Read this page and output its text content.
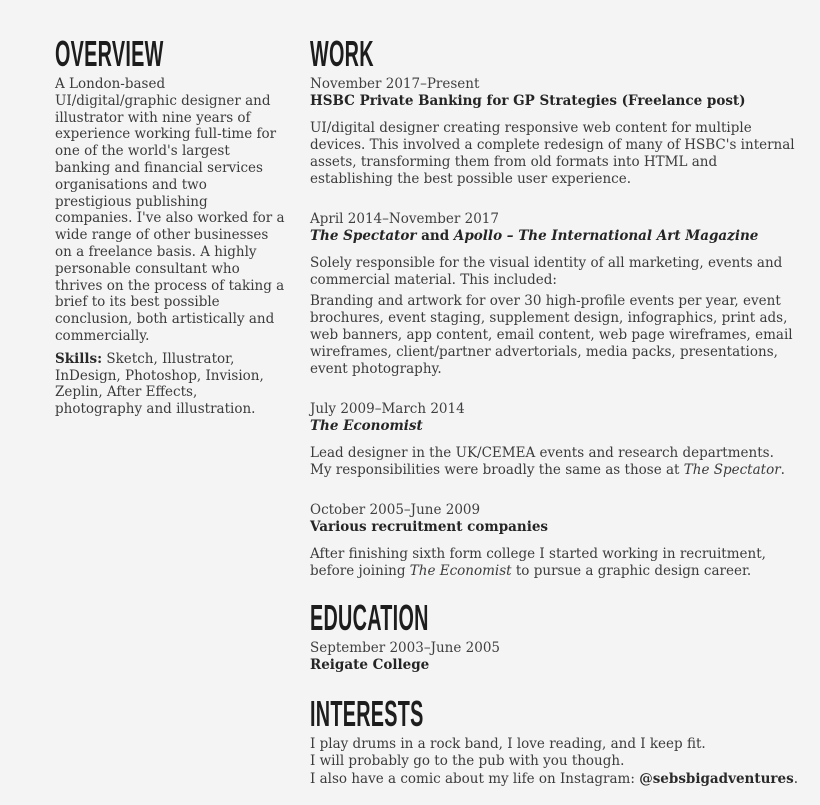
OVERVIEW

A London-based UI/digital/graphic designer and illustrator with nine years of experience working full-time for one of the world's largest banking and financial services organisations and two prestigious publishing companies. I've also worked for a wide range of other businesses on a freelance basis. A highly personable consultant who thrives on the process of taking a brief to its best possible conclusion, both artistically and commercially.

Skills: Sketch, Illustrator, InDesign, Photoshop, Invision, Zeplin, After Effects, photography and illustration.

WORK
November 2017–Present
HSBC Private Banking for GP Strategies (Freelance post)

UI/digital designer creating responsive web content for multiple devices. This involved a complete redesign of many of HSBC's internal assets, transforming them from old formats into HTML and establishing the best possible user experience.

April 2014–November 2017
The Spectator and Apollo – The International Art Magazine

Solely responsible for the visual identity of all marketing, events and commercial material. This included:

Branding and artwork for over 30 high-profile events per year, event brochures, event staging, supplement design, infographics, print ads, web banners, app content, email content, web page wireframes, email wireframes, client/partner advertorials, media packs, presentations, event photography.

July 2009–March 2014
The Economist

Lead designer in the UK/CEMEA events and research departments.
My responsibilities were broadly the same as those at The Spectator.

October 2005–June 2009
Various recruitment companies

After finishing sixth form college I started working in recruitment,
before joining The Economist to pursue a graphic design career.

EDUCATION
September 2003–June 2005
Reigate College
INTERESTS

I play drums in a rock band, I love reading, and I keep fit.

I will probably go to the pub with you though.

I also have a comic about my life on Instagram: @sebsbigadventures.
